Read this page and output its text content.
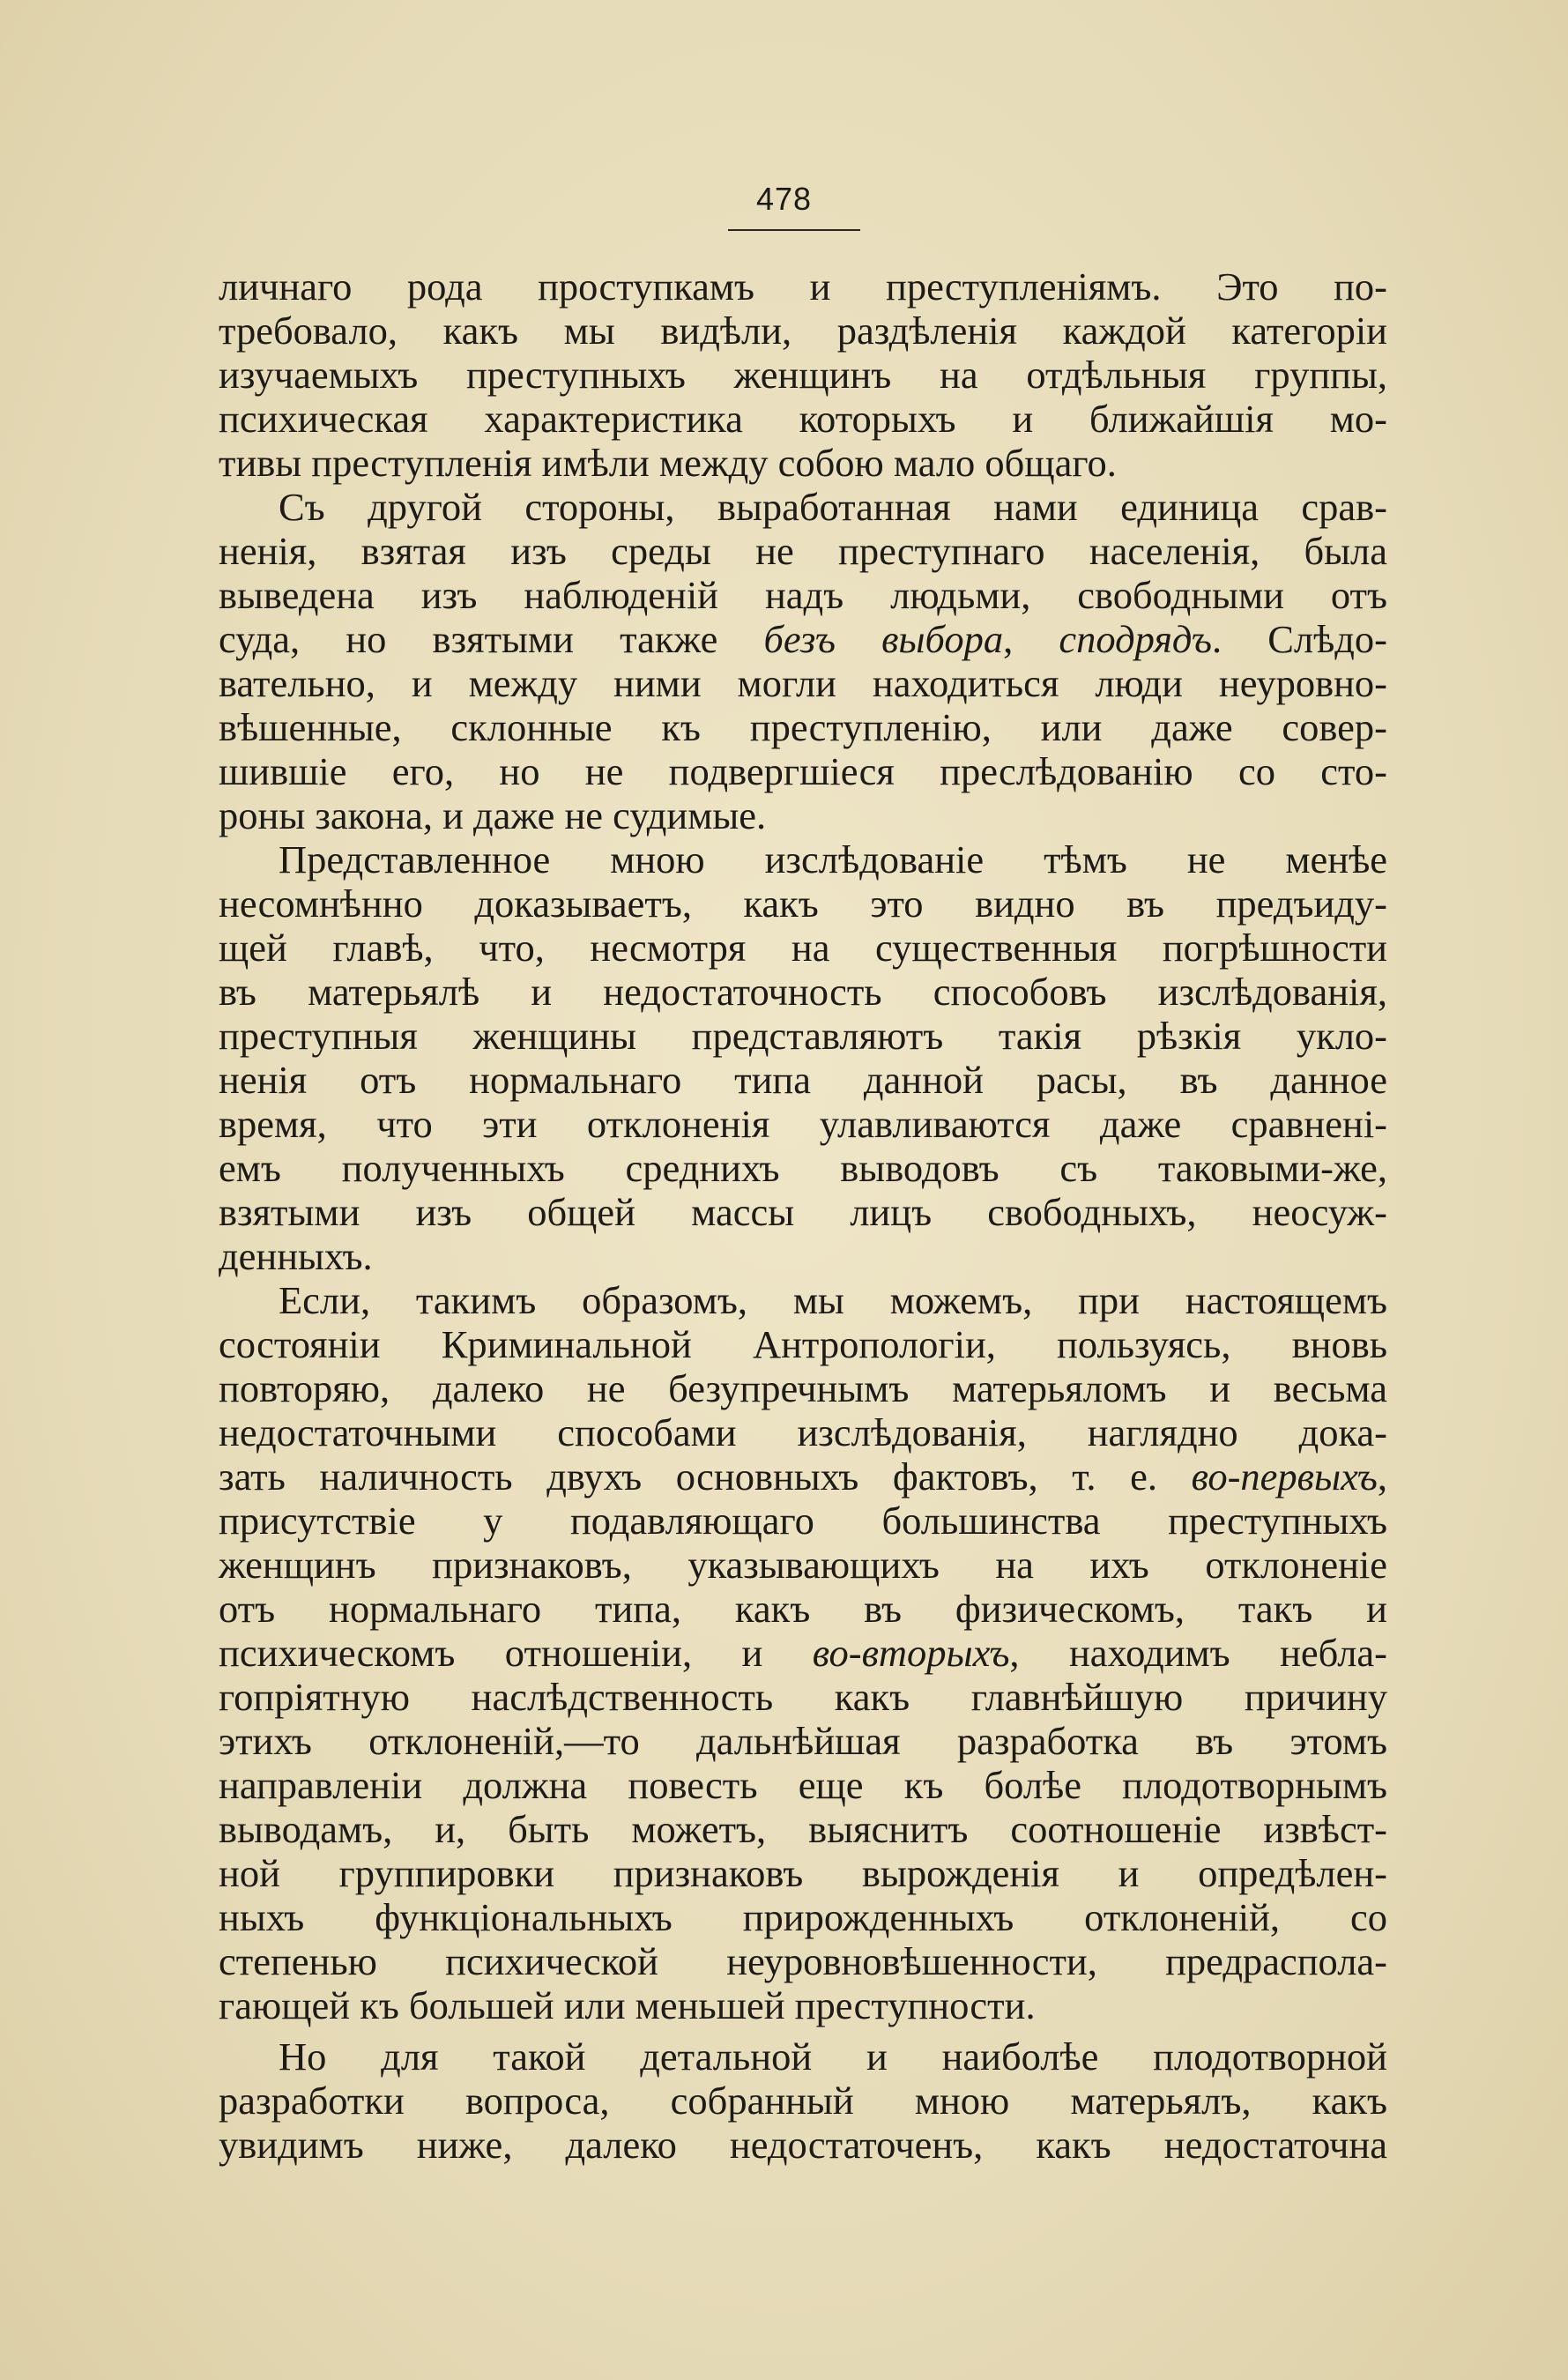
478
личнаго рода проступкамъ и преступленіямъ. Это по-
требовало, какъ мы видѣли, раздѣленія каждой категоріи
изучаемыхъ преступныхъ женщинъ на отдѣльныя группы,
психическая характеристика которыхъ и ближайшія мо-
тивы преступленія имѣли между собою мало общаго.
Съ другой стороны, выработанная нами единица срав-
ненія, взятая изъ среды не преступнаго населенія, была
выведена изъ наблюденій надъ людьми, свободными отъ
суда, но взятыми также безъ выбора, сподрядъ. Слѣдо-
вательно, и между ними могли находиться люди неуровно-
вѣшенные, склонные къ преступленію, или даже совер-
шившіе его, но не подвергшіеся преслѣдованію со сто-
роны закона, и даже не судимые.
Представленное мною изслѣдованіе тѣмъ не менѣе
несомнѣнно доказываетъ, какъ это видно въ предъиду-
щей главѣ, что, несмотря на существенныя погрѣшности
въ матерьялѣ и недостаточность способовъ изслѣдованія,
преступныя женщины представляютъ такія рѣзкія укло-
ненія отъ нормальнаго типа данной расы, въ данное
время, что эти отклоненія улавливаются даже сравнені-
емъ полученныхъ среднихъ выводовъ съ таковыми-же,
взятыми изъ общей массы лицъ свободныхъ, неосуж-
денныхъ.
Если, такимъ образомъ, мы можемъ, при настоящемъ
состояніи Криминальной Антропологіи, пользуясь, вновь
повторяю, далеко не безупречнымъ матерьяломъ и весьма
недостаточными способами изслѣдованія, наглядно дока-
зать наличность двухъ основныхъ фактовъ, т. е. во-первыхъ,
присутствіе у подавляющаго большинства преступныхъ
женщинъ признаковъ, указывающихъ на ихъ отклоненіе
отъ нормальнаго типа, какъ въ физическомъ, такъ и
психическомъ отношеніи, и во-вторыхъ, находимъ небла-
гопріятную наслѣдственность какъ главнѣйшую причину
этихъ отклоненій,—то дальнѣйшая разработка въ этомъ
направленіи должна повесть еще къ болѣе плодотворнымъ
выводамъ, и, быть можетъ, выяснитъ соотношеніе извѣст-
ной группировки признаковъ вырожденія и опредѣлен-
ныхъ функціональныхъ прирожденныхъ отклоненій, со
степенью психической неуровновѣшенности, предраспола-
гающей къ большей или меньшей преступности.
Но для такой детальной и наиболѣе плодотворной
разработки вопроса, собранный мною матерьялъ, какъ
увидимъ ниже, далеко недостаточенъ, какъ недостаточна
